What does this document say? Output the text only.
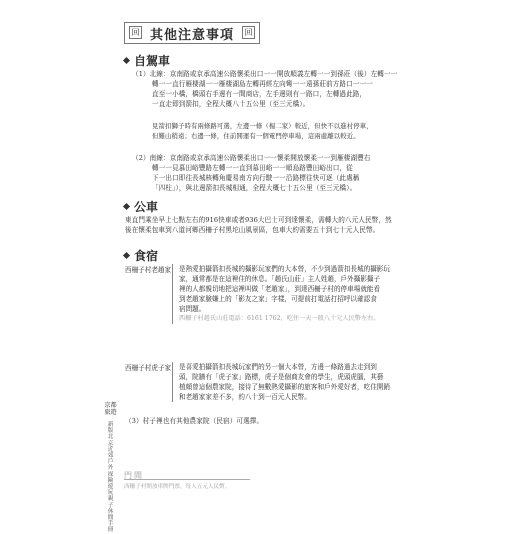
回 其他注意事項	回
自駕車
（1）北線：京南路或京承高速公路懷柔出口一一開放順義左轉一一到孫莊（後）左轉一一
轉一一直行雁棲湖一一雁棲湖島左轉再經左向彎一一遠孫莊前方路口一一一
直至一小橋，橋頭右手邊有一間商店，左手邊則有一路口，左轉過此路，
一直走即到箭扣，全程大概八十五公里（至三元橋）。
見箭扣獅子時有兩條路可選，左邊一條（楊二家）較近，但快不以進村停車，
但難山稍遠；右邊一條，住前開運有一個電門停車場，這兩處離以較近。
（2）南線：京南路或京承高速公路懷柔出口一一懷柔開放懷柔一一到雁棲湖豐右
轉一一見慕田峪豐路左轉一一直到慕田峪一一順島路豐田峪出口，從
下一出口即往長城核轉角慶易南方向行駛一一沿路標往快可逐（此處稱
「四柱」），與北邊箭扣長城相通，全程大概七十五公里（至三元橋）。
公車
東直門乘坐早上七點左右的916快車或者936大巴士可到達懷柔，需轉大的八元人民幣，然
後在懷柔包車到八道河鄉西柵子村黑坨山風景區，包車大約需要五十到七十元人民幣。
食宿
西柵子村老趙家： 是熱愛拍攝箭扣長城的攝影玩家們的大本營，不少到過箭扣長城的攝影玩
家，通常都是在這裡住的休息。「趙氏山莊」主人姓趙，戶外攝影攝子
裡的人都親切地把這裡叫做「老趙家」，到達西柵子村的停車場就能看
到老趙家臉嫌上的「影友之家」字樣，可提前打電話打招呼以確認食
宿問題。
西柵子村趙氏山莊電話：6161 1762，吃住一天一般八十元人民幣左右。
西柵子村虎子家： 是喜愛拍攝箭扣長城玩家們的另一個大本營，方邊一條路過去走到到
頭，院牆有「虎子家」路標，虎子是個商友會的學生，虎頭虎腦，其藝
植頗曾這個農家院，接待了無數熱愛攝影的旅客和戶外愛好者，吃住開銷
和老趙家家差不多，約八十到一百元人民幣。
（3）村子裡也有其他農家院（民宿）可選擇。
京都 旅遊
新版北京近郊戶外探險遊玩親子休閒手冊
門聞
西柵子村開放車牌門票，每人五元人民幣。
